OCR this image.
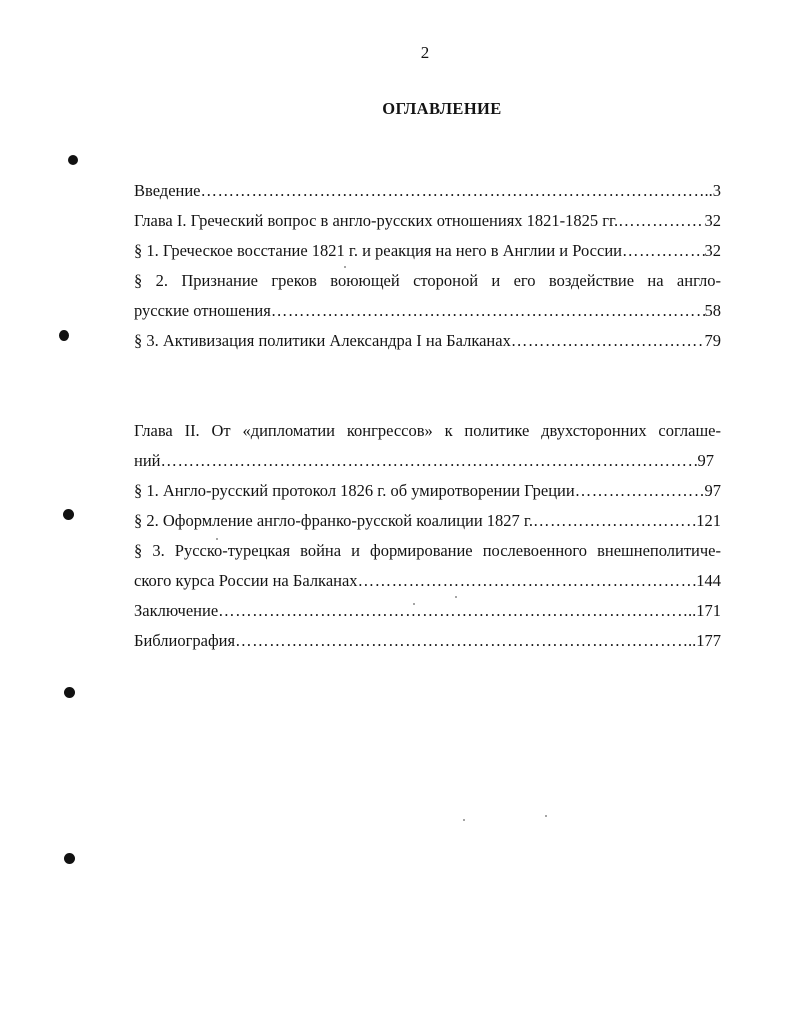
2
ОГЛАВЛЕНИЕ
Введение …………………………………………………………………………………………………………………………………………………………………	..3
Глава I. Греческий вопрос в англо-русских отношениях 1821-1825 гг. …………………………………………………………………………………………………………………………………………………………………	32
§ 1. Греческое восстание 1821 г. и реакция на него в Англии и России …………………………………………………………………………………………………………………………………………………………………	32
§ 2. Признание греков воюющей стороной и его воздействие на англо-
русские отношения …………………………………………………………………………………………………………………………………………………………………	58
§ 3. Активизация политики Александра I на Балканах …………………………………………………………………………………………………………………………………………………………………	79
Глава II. От «дипломатии конгрессов» к политике двухсторонних соглаше-
ний …………………………………………………………………………………………………………………………………………………………………	97
§ 1. Англо-русский протокол 1826 г. об умиротворении Греции …………………………………………………………………………………………………………………………………………………………………	97
§ 2. Оформление англо-франко-русской коалиции 1827 г. …………………………………………………………………………………………………………………………………………………………………	121
§ 3. Русско-турецкая война и формирование послевоенного внешнеполитиче-
ского курса России на Балканах …………………………………………………………………………………………………………………………………………………………………	144
Заключение …………………………………………………………………………………………………………………………………………………………………	..171
Библиография …………………………………………………………………………………………………………………………………………………………………	..177
